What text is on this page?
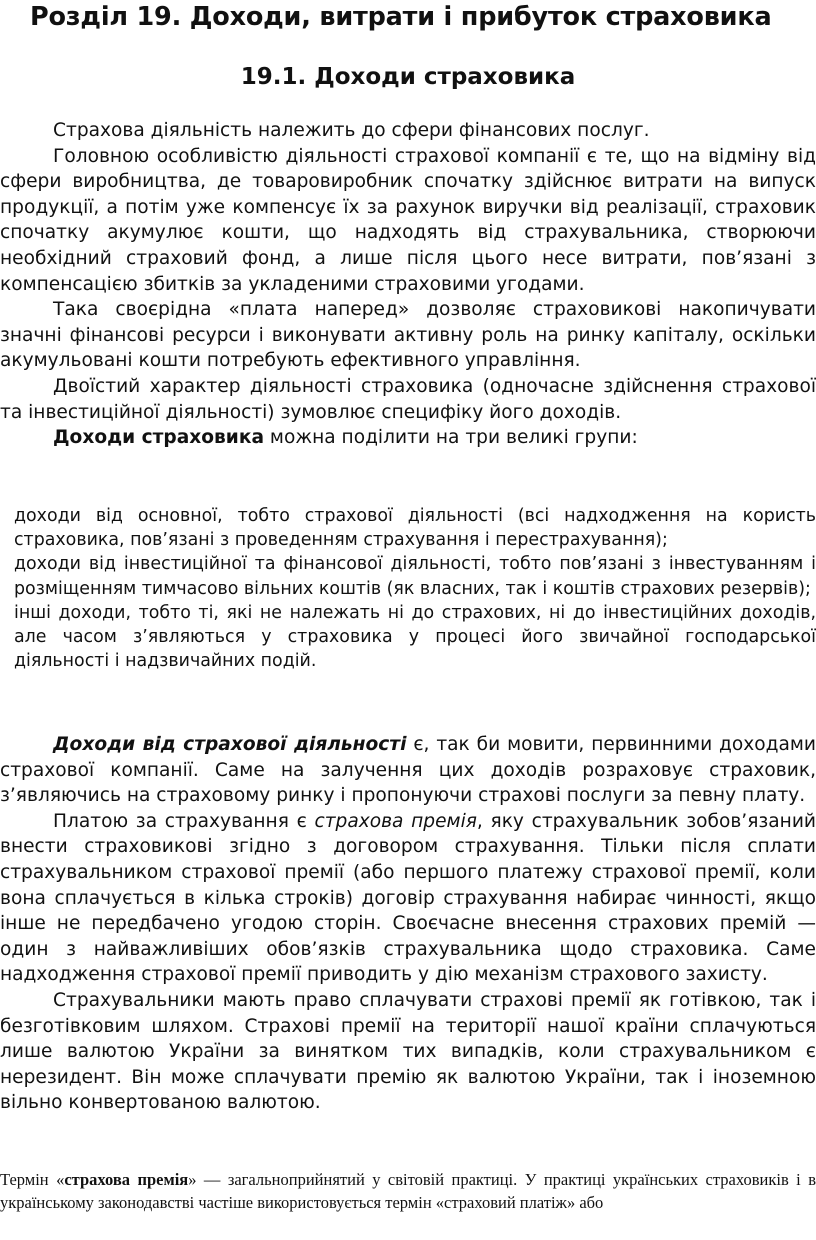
Розділ 19. Доходи, витрати і прибуток страховика
19.1. Доходи страховика

Страхова діяльність належить до сфери фінансових послуг.

Головною особливістю діяльності страхової компанії є те, що на відміну від сфери виробництва, де товаровиробник спочатку здійснює витрати на випуск продукції, а потім уже компенсує їх за рахунок виручки від реалізації, страховик спочатку акумулює кошти, що надходять від страхувальника, створюючи необхідний страховий фонд, а лише після цього несе витрати, пов’язані з компенсацією збитків за укладеними страховими угодами.

Така своєрідна «плата наперед» дозволяє страховикові накопичувати значні фінансові ресурси і виконувати активну роль на ринку капіталу, оскільки акумульовані кошти потребують ефективного управління.

Двоїстий характер діяльності страховика (одночасне здійснення страхової та інвестиційної діяльності) зумовлює специфіку його доходів.

Доходи страховика можна поділити на три великі групи:

доходи від основної, тобто страхової діяльності (всі надходження на користь страховика, пов’язані з проведенням страхування і перестрахування);
доходи від інвестиційної та фінансової діяльності, тобто пов’язані з інвестуванням і розміщенням тимчасово вільних коштів (як власних, так і коштів страхових резервів);
інші доходи, тобто ті, які не належать ні до страхових, ні до інвестиційних доходів, але часом з’являються у страховика у процесі його звичайної господарської діяльності і надзвичайних подій.

Доходи від страхової діяльності є, так би мовити, первинними доходами страхової компанії. Саме на залучення цих доходів розраховує страховик, з’являючись на страховому ринку і пропонуючи страхові послуги за певну плату.

Платою за страхування є страхова премія, яку страхувальник зобов’язаний внести страховикові згідно з договором страхування. Тільки після сплати страхувальником страхової премії (або першого платежу страхової премії, коли вона сплачується в кілька строків) договір страхування набирає чинності, якщо інше не передбачено угодою сторін. Своєчасне внесення страхових премій — один з найважливіших обов’язків страхувальника щодо страховика. Саме надходження страхової премії приводить у дію механізм страхового захисту.

Страхувальники мають право сплачувати страхові премії як готівкою, так і безготівковим шляхом. Страхові премії на території нашої країни сплачуються лише валютою України за винятком тих випадків, коли страхувальником є нерезидент. Він може сплачувати премію як валютою України, так і іноземною вільно конвертованою валютою.

Термін «страхова премія» — загальноприйнятий у світовій практиці. У практиці українських страховиків і в українському законодавстві частіше використовується термін «страховий платіж» або
